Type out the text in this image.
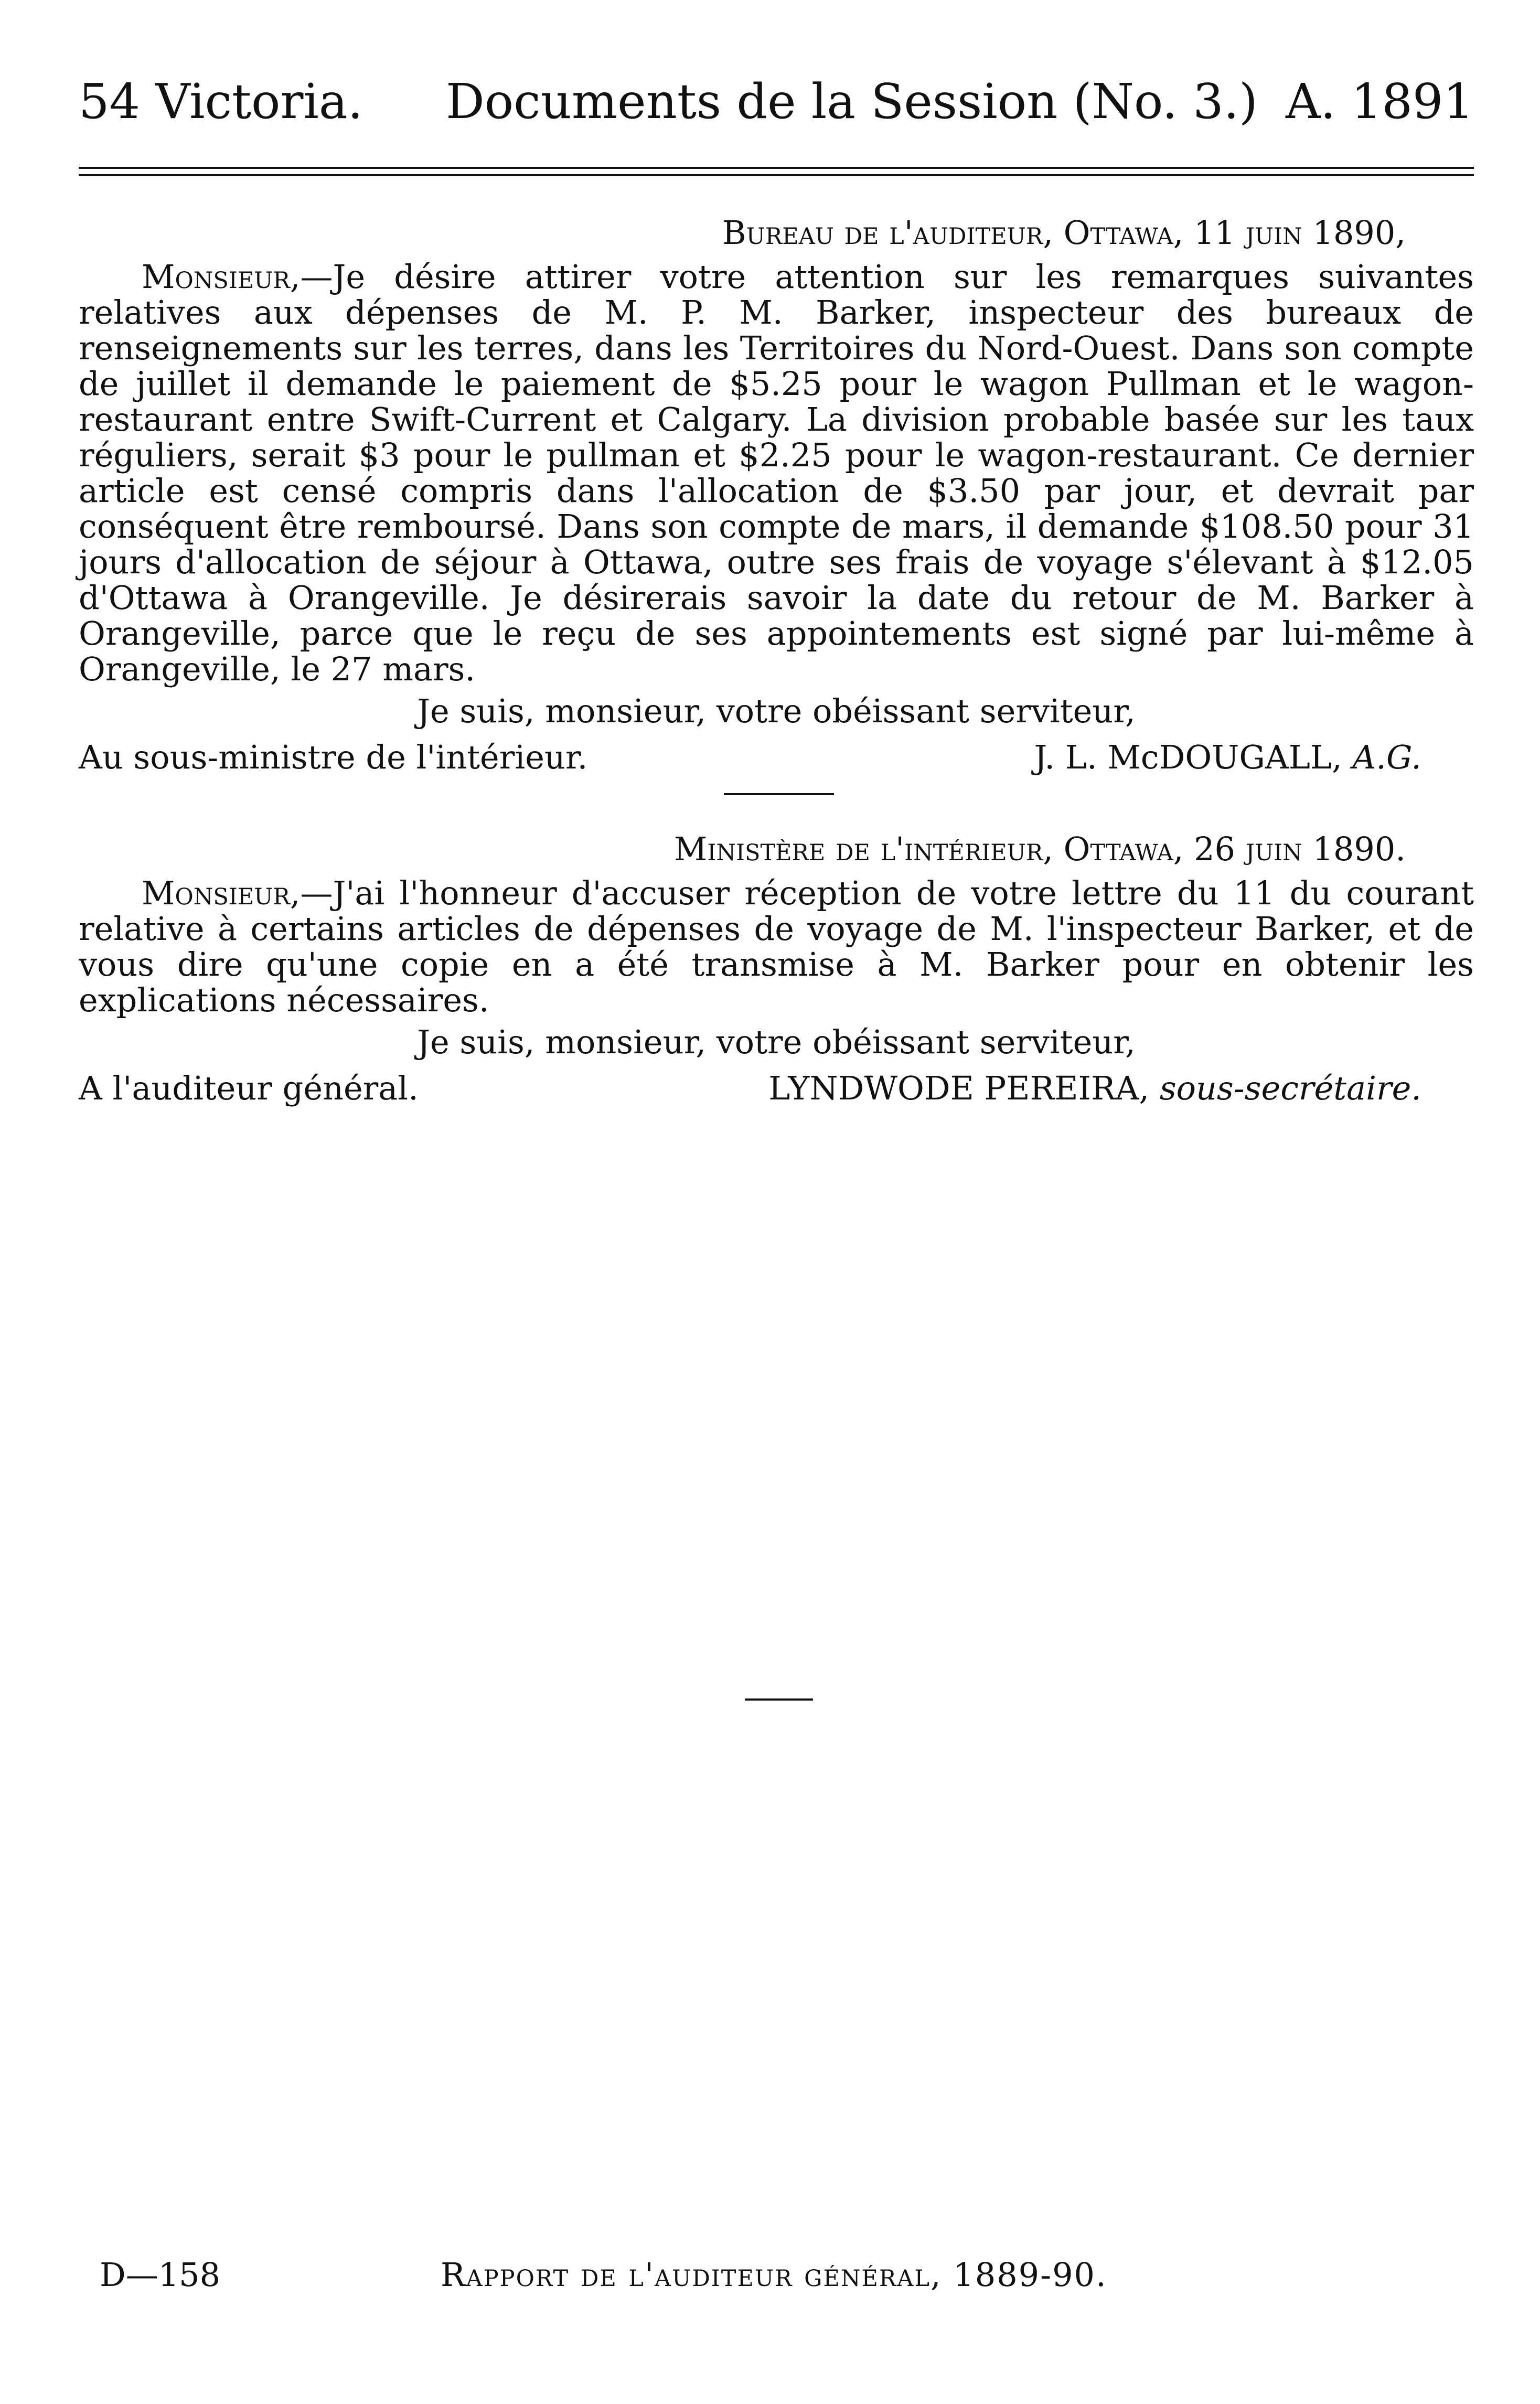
54 Victoria. Documents de la Session (No. 3.) A. 1891

Bureau de l'auditeur, Ottawa, 11 juin 1890,

Monsieur,—Je désire attirer votre attention sur les remarques suivantes relatives aux dépenses de M. P. M. Barker, inspecteur des bureaux de renseignements sur les terres, dans les Territoires du Nord-Ouest. Dans son compte de juillet il demande le paiement de $5.25 pour le wagon Pullman et le wagon-restaurant entre Swift-Current et Calgary. La division probable basée sur les taux réguliers, serait $3 pour le pullman et $2.25 pour le wagon-restaurant. Ce dernier article est censé compris dans l'allocation de $3.50 par jour, et devrait par conséquent être remboursé. Dans son compte de mars, il demande $108.50 pour 31 jours d'allocation de séjour à Ottawa, outre ses frais de voyage s'élevant à $12.05 d'Ottawa à Orangeville. Je désirerais savoir la date du retour de M. Barker à Orangeville, parce que le reçu de ses appointements est signé par lui-même à Orangeville, le 27 mars.

Je suis, monsieur, votre obéissant serviteur,

Au sous-ministre de l'intérieur.	J. L. McDOUGALL, A.G.

Ministère de l'intérieur, Ottawa, 26 juin 1890.

Monsieur,—J'ai l'honneur d'accuser réception de votre lettre du 11 du courant relative à certains articles de dépenses de voyage de M. l'inspecteur Barker, et de vous dire qu'une copie en a été transmise à M. Barker pour en obtenir les explications nécessaires.

Je suis, monsieur, votre obéissant serviteur,

A l'auditeur général.	LYNDWODE PEREIRA, sous-secrétaire.
D—158	Rapport de l'auditeur général, 1889-90.
